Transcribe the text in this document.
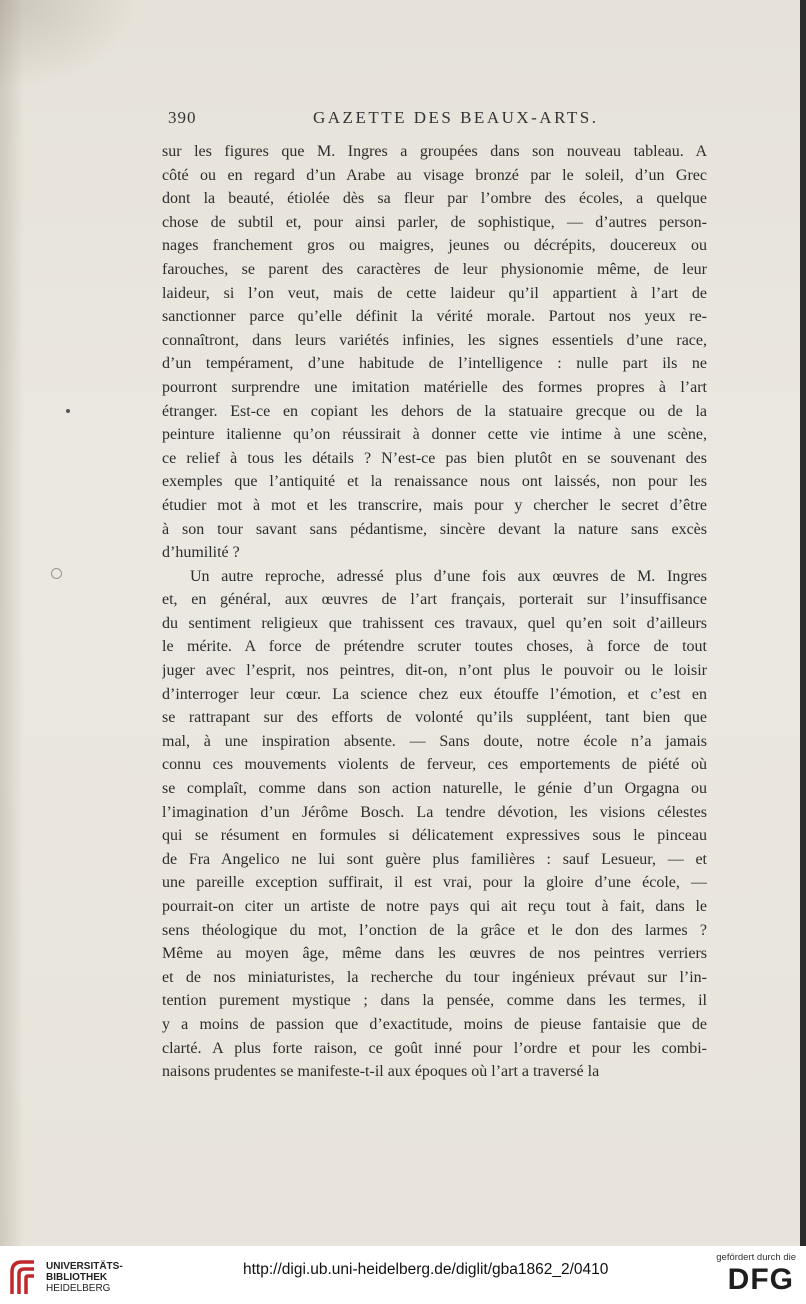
390	GAZETTE DES BEAUX-ARTS.
sur les figures que M. Ingres a groupées dans son nouveau tableau. A
côté ou en regard d’un Arabe au visage bronzé par le soleil, d’un Grec
dont la beauté, étiolée dès sa fleur par l’ombre des écoles, a quelque
chose de subtil et, pour ainsi parler, de sophistique, — d’autres person-
nages franchement gros ou maigres, jeunes ou décrépits, doucereux ou
farouches, se parent des caractères de leur physionomie même, de leur
laideur, si l’on veut, mais de cette laideur qu’il appartient à l’art de
sanctionner parce qu’elle définit la vérité morale. Partout nos yeux re-
connaîtront, dans leurs variétés infinies, les signes essentiels d’une race,
d’un tempérament, d’une habitude de l’intelligence : nulle part ils ne
pourront surprendre une imitation matérielle des formes propres à l’art
étranger. Est-ce en copiant les dehors de la statuaire grecque ou de la
peinture italienne qu’on réussirait à donner cette vie intime à une scène,
ce relief à tous les détails ? N’est-ce pas bien plutôt en se souvenant des
exemples que l’antiquité et la renaissance nous ont laissés, non pour les
étudier mot à mot et les transcrire, mais pour y chercher le secret d’être
à son tour savant sans pédantisme, sincère devant la nature sans excès
d’humilité ?
Un autre reproche, adressé plus d’une fois aux œuvres de M. Ingres
et, en général, aux œuvres de l’art français, porterait sur l’insuffisance
du sentiment religieux que trahissent ces travaux, quel qu’en soit d’ailleurs
le mérite. A force de prétendre scruter toutes choses, à force de tout
juger avec l’esprit, nos peintres, dit-on, n’ont plus le pouvoir ou le loisir
d’interroger leur cœur. La science chez eux étouffe l’émotion, et c’est en
se rattrapant sur des efforts de volonté qu’ils suppléent, tant bien que
mal, à une inspiration absente. — Sans doute, notre école n’a jamais
connu ces mouvements violents de ferveur, ces emportements de piété où
se complaît, comme dans son action naturelle, le génie d’un Orgagna ou
l’imagination d’un Jérôme Bosch. La tendre dévotion, les visions célestes
qui se résument en formules si délicatement expressives sous le pinceau
de Fra Angelico ne lui sont guère plus familières : sauf Lesueur, — et
une pareille exception suffirait, il est vrai, pour la gloire d’une école, —
pourrait-on citer un artiste de notre pays qui ait reçu tout à fait, dans le
sens théologique du mot, l’onction de la grâce et le don des larmes ?
Même au moyen âge, même dans les œuvres de nos peintres verriers
et de nos miniaturistes, la recherche du tour ingénieux prévaut sur l’in-
tention purement mystique ; dans la pensée, comme dans les termes, il
y a moins de passion que d’exactitude, moins de pieuse fantaisie que de
clarté. A plus forte raison, ce goût inné pour l’ordre et pour les combi-
naisons prudentes se manifeste-t-il aux époques où l’art a traversé la
UNIVERSITÄTS-
BIBLIOTHEK
HEIDELBERG
http://digi.ub.uni-heidelberg.de/diglit/gba1862_2/0410
gefördert durch die
DFG
